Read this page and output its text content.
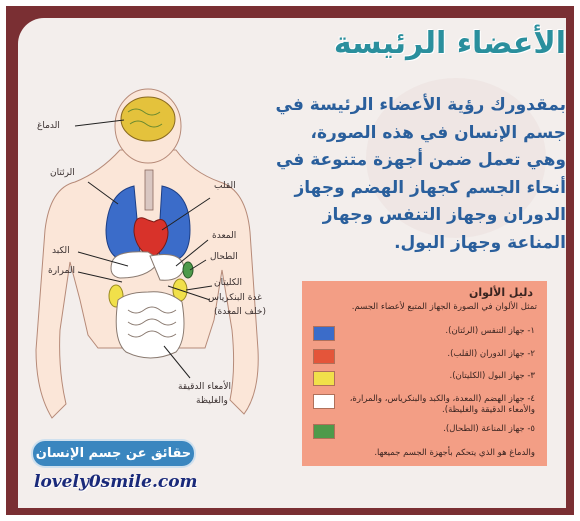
الأعضاء الرئيسة
بمقدورك رؤية الأعضاء الرئيسة في جسم الإنسان في هذه الصورة، وهي تعمل ضمن أجهزة متنوعة في أنحاء الجسم كجهاز الهضم وجهاز الدوران وجهاز التنفس وجهاز المناعة وجهاز البول.
الدماغ
الرئتان
القلب
المعدة
الطحال
الكبد
المرارة
الكليتان
غدة البنكرياس
(خلف المعدة)
الأمعاء الدقيقة
والغليظة
دليل الألوان
تمثل الألوان في الصورة الجهاز المتبع لأعضاء الجسم.
١- جهاز التنفس (الرئتان).
٢- جهاز الدوران (القلب).
٣- جهاز البول (الكليتان).
٤- جهاز الهضم (المعدة، والكبد والبنكرياس، والمرارة، والأمعاء الدقيقة والغليظة).
٥- جهاز المناعة (الطحال).
والدماغ هو الذي يتحكم بأجهزة الجسم جميعها.
حقائق عن جسم الإنسان
lovely0smile.com
